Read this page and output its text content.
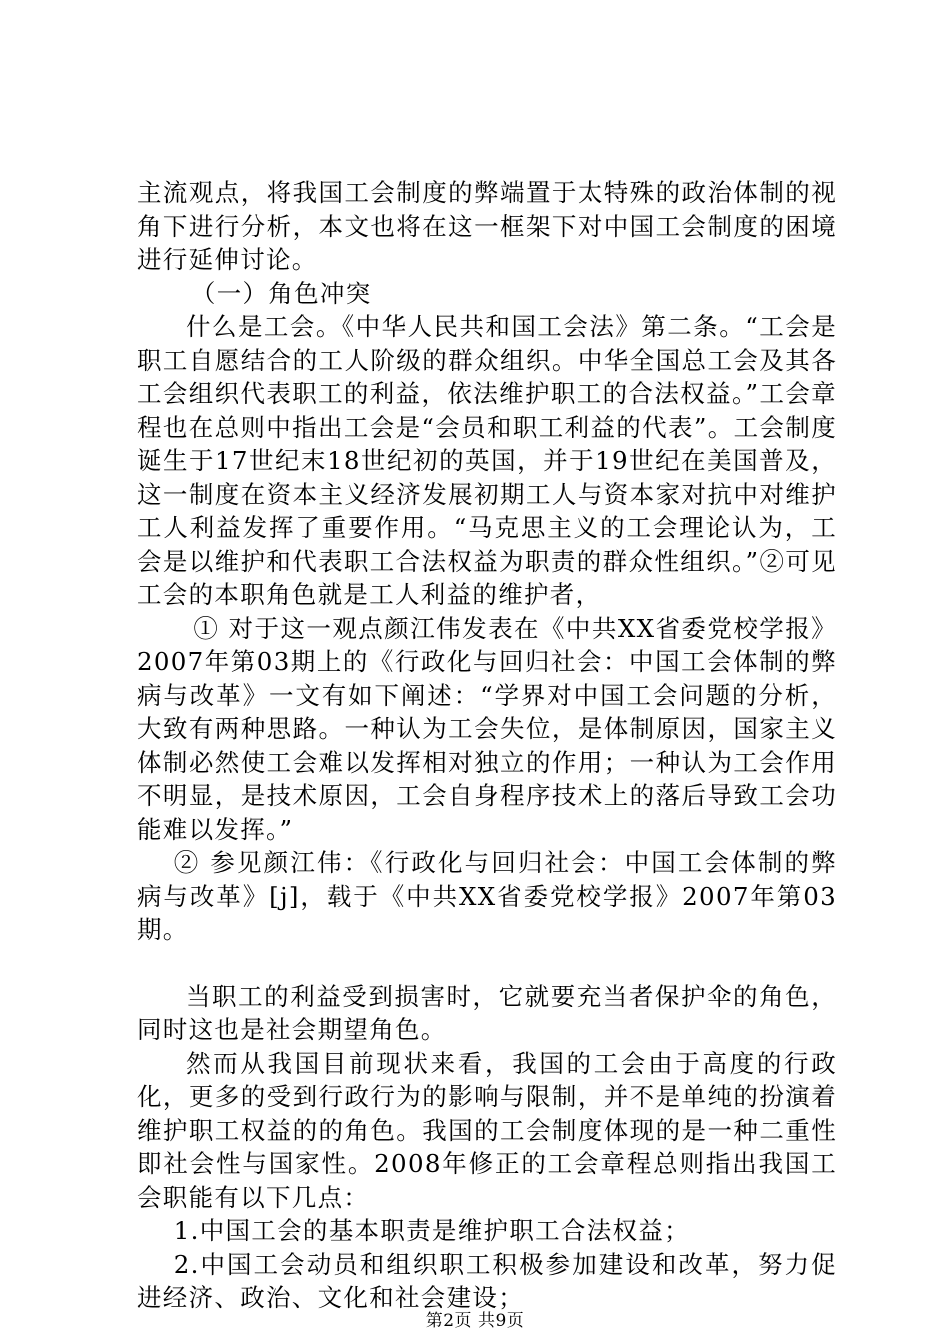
主流观点，将我国工会制度的弊端置于太特殊的政治体制的视角下进行分析，本文也将在这一框架下对中国工会制度的困境进行延伸讨论。

（一）角色冲突

什么是工会。《中华人民共和国工会法》第二条。“工会是职工自愿结合的工人阶级的群众组织。中华全国总工会及其各工会组织代表职工的利益，依法维护职工的合法权益。”工会章程也在总则中指出工会是“会员和职工利益的代表”。工会制度诞生于17世纪末18世纪初的英国，并于19世纪在美国普及，这一制度在资本主义经济发展初期工人与资本家对抗中对维护工人利益发挥了重要作用。“马克思主义的工会理论认为，工会是以维护和代表职工合法权益为职责的群众性组织。”②可见工会的本职角色就是工人利益的维护者，

① 对于这一观点颜江伟发表在《中共XX省委党校学报》2007年第03期上的《行政化与回归社会：中国工会体制的弊病与改革》一文有如下阐述：“学界对中国工会问题的分析，大致有两种思路。一种认为工会失位，是体制原因，国家主义体制必然使工会难以发挥相对独立的作用；一种认为工会作用不明显，是技术原因，工会自身程序技术上的落后导致工会功能难以发挥。”

② 参见颜江伟：《行政化与回归社会：中国工会体制的弊病与改革》[j]，载于《中共XX省委党校学报》2007年第03期。

当职工的利益受到损害时，它就要充当者保护伞的角色，同时这也是社会期望角色。

然而从我国目前现状来看，我国的工会由于高度的行政化，更多的受到行政行为的影响与限制，并不是单纯的扮演着维护职工权益的的角色。我国的工会制度体现的是一种二重性即社会性与国家性。2008年修正的工会章程总则指出我国工会职能有以下几点：

1.中国工会的基本职责是维护职工合法权益；

2.中国工会动员和组织职工积极参加建设和改革，努力促进经济、政治、文化和社会建设；

第2页 共9页
